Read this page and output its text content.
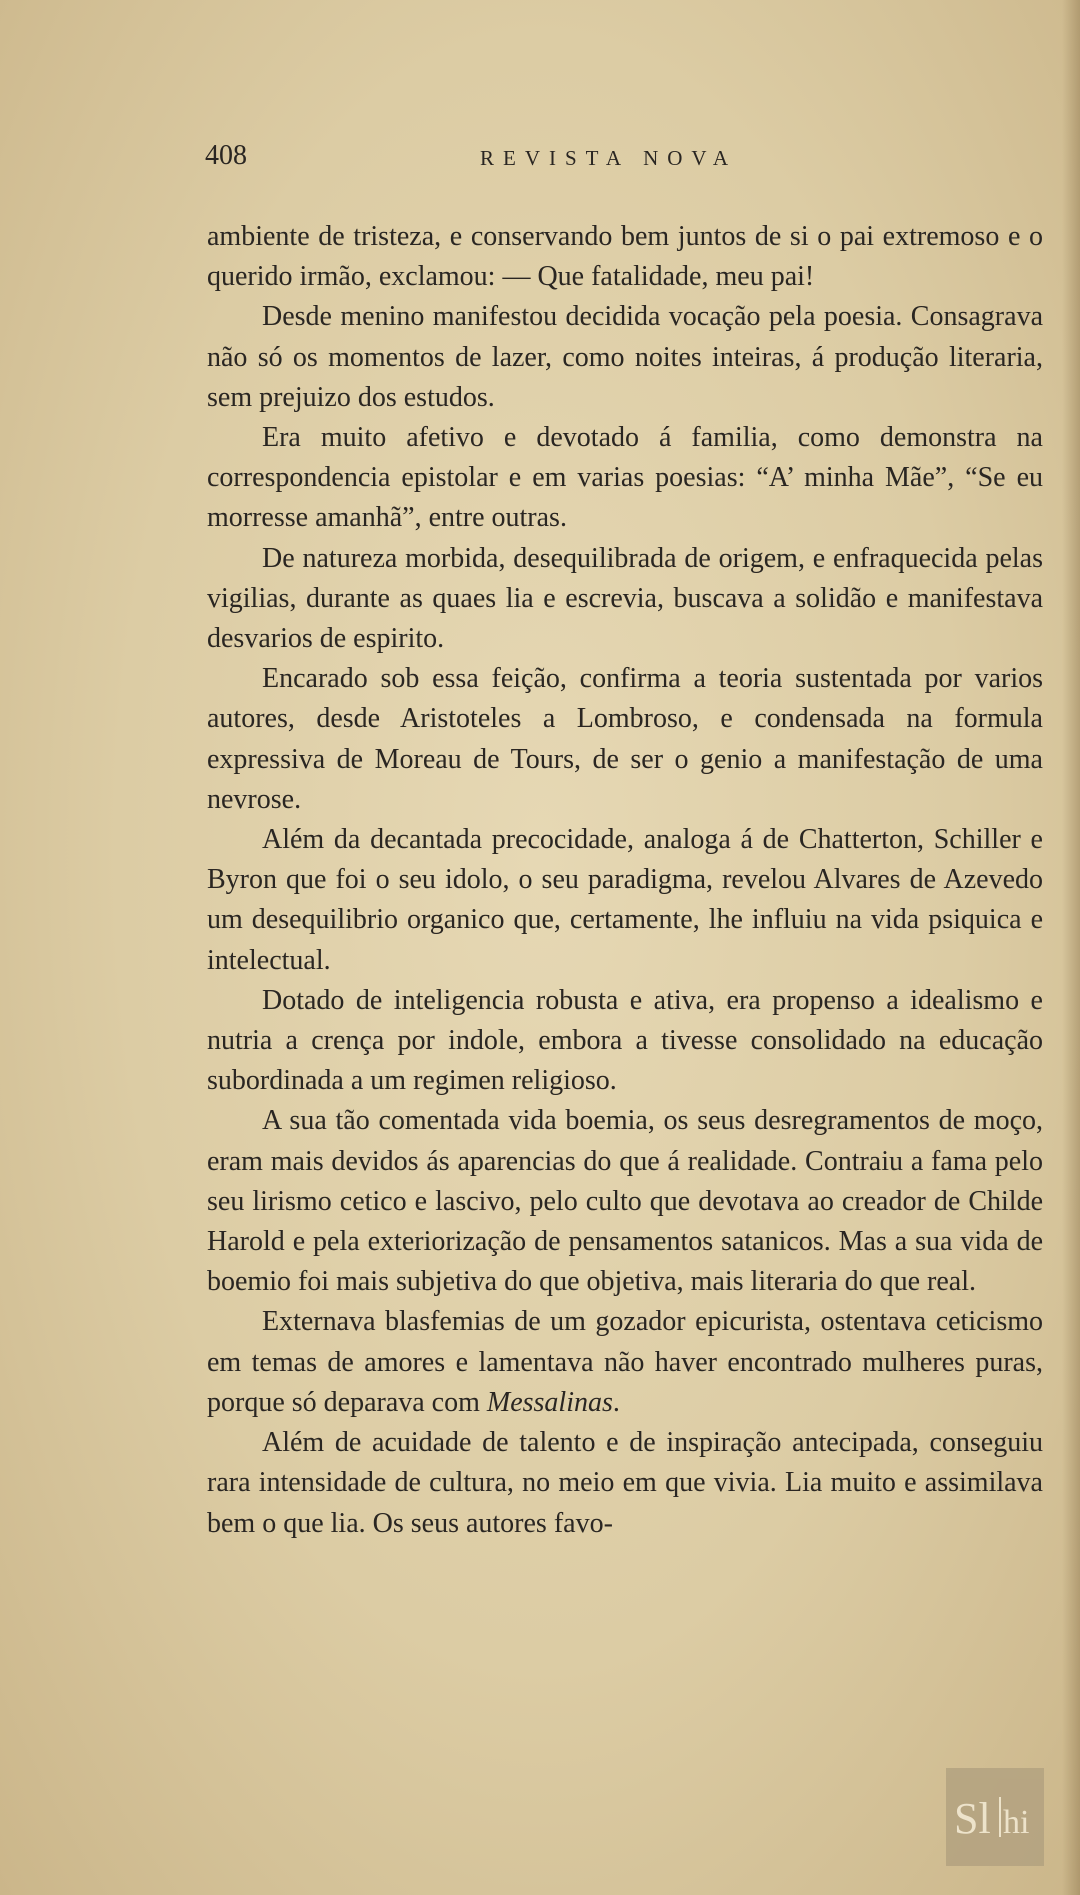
408	REVISTA NOVA

ambiente de tristeza, e conservando bem juntos de si o pai extremoso e o querido irmão, exclamou: — Que fatalidade, meu pai!

Desde menino manifestou decidida vocação pela poesia. Consagrava não só os momentos de lazer, como noites inteiras, á produção literaria, sem prejuizo dos estudos.

Era muito afetivo e devotado á familia, como demonstra na correspondencia epistolar e em varias poesias: “A’ minha Mãe”, “Se eu morresse amanhã”, entre outras.

De natureza morbida, desequilibrada de origem, e enfraquecida pelas vigilias, durante as quaes lia e escrevia, buscava a solidão e manifestava desvarios de espirito.

Encarado sob essa feição, confirma a teoria sustentada por varios autores, desde Aristoteles a Lombroso, e condensada na formula expressiva de Moreau de Tours, de ser o genio a manifestação de uma nevrose.

Além da decantada precocidade, analoga á de Chatterton, Schiller e Byron que foi o seu idolo, o seu paradigma, revelou Alvares de Azevedo um desequilibrio organico que, certamente, lhe influiu na vida psiquica e intelectual.

Dotado de inteligencia robusta e ativa, era propenso a idealismo e nutria a crença por indole, embora a tivesse consolidado na educação subordinada a um regimen religioso.

A sua tão comentada vida boemia, os seus desregramentos de moço, eram mais devidos ás aparencias do que á realidade. Contraiu a fama pelo seu lirismo cetico e lascivo, pelo culto que devotava ao creador de Childe Harold e pela exteriorização de pensamentos satanicos. Mas a sua vida de boemio foi mais subjetiva do que objetiva, mais literaria do que real.

Externava blasfemias de um gozador epicurista, ostentava ceticismo em temas de amores e lamentava não haver encontrado mulheres puras, porque só deparava com Messalinas.

Além de acuidade de talento e de inspiração antecipada, conseguiu rara intensidade de cultura, no meio em que vivia. Lia muito e assimilava bem o que lia. Os seus autores favo-

Sl hi
